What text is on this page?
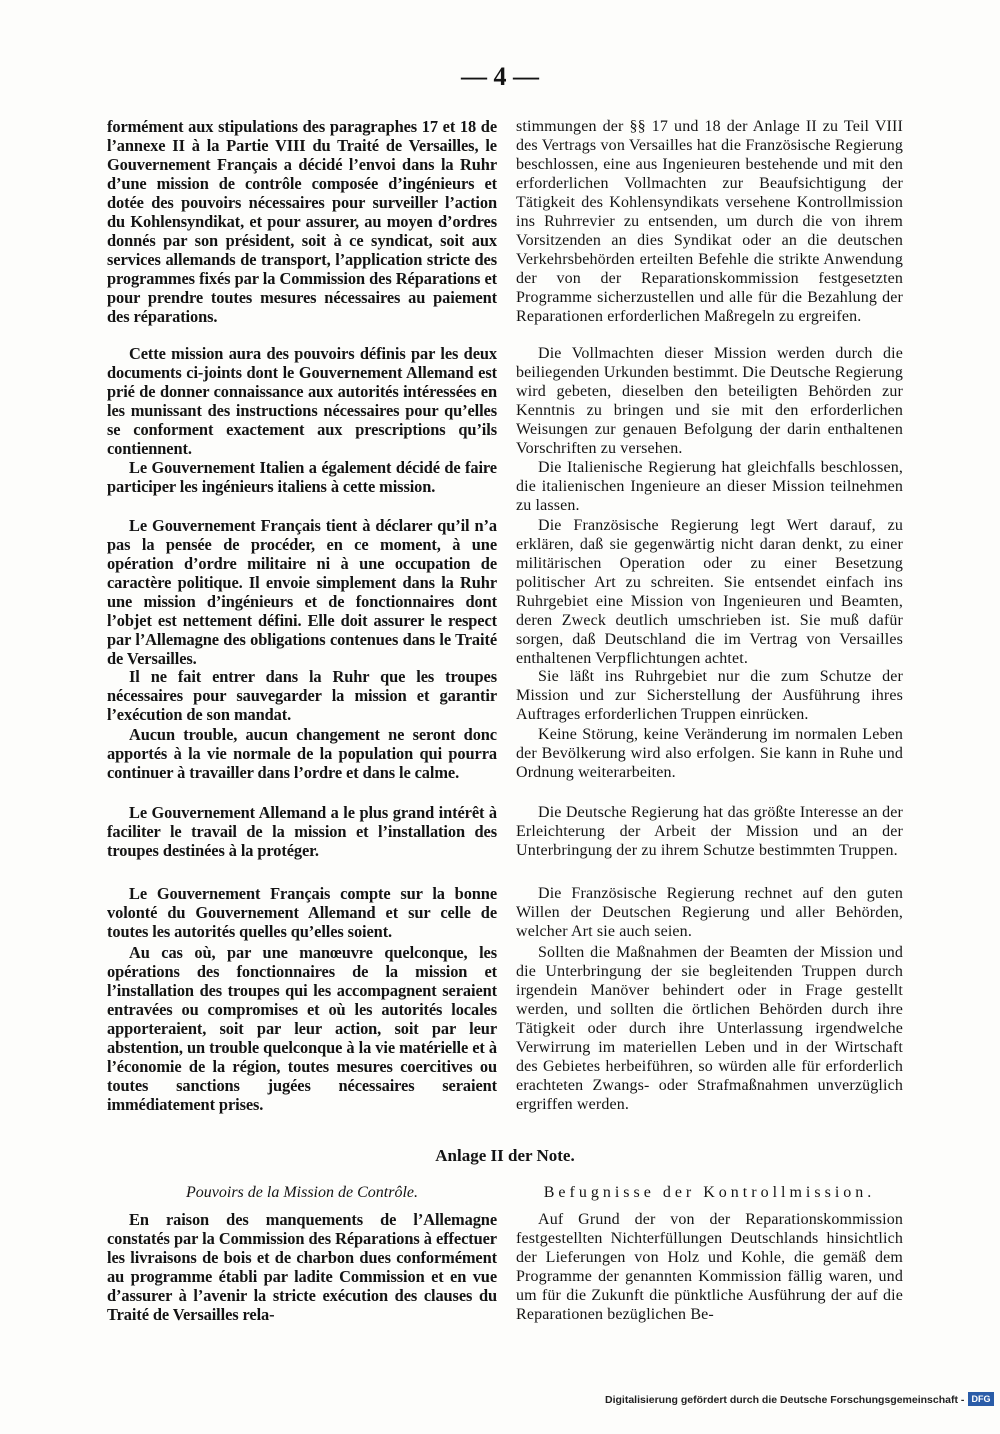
— 4 —

formément aux stipulations des paragraphes 17 et 18 de l’annexe II à la Partie VIII du Traité de Versailles, le Gouvernement Français a décidé l’envoi dans la Ruhr d’une mission de contrôle composée d’ingénieurs et dotée des pouvoirs nécessaires pour surveiller l’action du Kohlensyndikat, et pour assurer, au moyen d’ordres donnés par son président, soit à ce syndicat, soit aux services allemands de transport, l’application stricte des programmes fixés par la Commission des Réparations et pour prendre toutes mesures nécessaires au paiement des réparations.

Cette mission aura des pouvoirs définis par les deux documents ci-joints dont le Gouvernement Allemand est prié de donner connaissance aux autorités intéressées en les munissant des instructions nécessaires pour qu’elles se conforment exactement aux prescriptions qu’ils contiennent.

Le Gouvernement Italien a également décidé de faire participer les ingénieurs italiens à cette mission.

Le Gouvernement Français tient à déclarer qu’il n’a pas la pensée de procéder, en ce moment, à une opération d’ordre militaire ni à une occupation de caractère politique. Il envoie simplement dans la Ruhr une mission d’ingénieurs et de fonctionnaires dont l’objet est nettement défini. Elle doit assurer le respect par l’Allemagne des obligations contenues dans le Traité de Versailles.

Il ne fait entrer dans la Ruhr que les troupes nécessaires pour sauvegarder la mission et garantir l’exécution de son mandat.

Aucun trouble, aucun changement ne seront donc apportés à la vie normale de la population qui pourra continuer à travailler dans l’ordre et dans le calme.

Le Gouvernement Allemand a le plus grand intérêt à faciliter le travail de la mission et l’installation des troupes destinées à la protéger.

Le Gouvernement Français compte sur la bonne volonté du Gouvernement Allemand et sur celle de toutes les autorités quelles qu’elles soient.

Au cas où, par une manœuvre quelconque, les opérations des fonctionnaires de la mission et l’installation des troupes qui les accompagnent seraient entravées ou compromises et où les autorités locales apporteraient, soit par leur action, soit par leur abstention, un trouble quelconque à la vie matérielle et à l’économie de la région, toutes mesures coercitives ou toutes sanctions jugées nécessaires seraient immédiatement prises.

stimmungen der §§ 17 und 18 der Anlage II zu Teil VIII des Vertrags von Versailles hat die Französische Regierung beschlossen, eine aus Ingenieuren bestehende und mit den erforderlichen Vollmachten zur Beaufsichtigung der Tätigkeit des Kohlensyndikats versehene Kontrollmission ins Ruhrrevier zu entsenden, um durch die von ihrem Vorsitzenden an dies Syndikat oder an die deutschen Verkehrsbehörden erteilten Befehle die strikte Anwendung der von der Reparationskommission festgesetzten Programme sicherzustellen und alle für die Bezahlung der Reparationen erforderlichen Maßregeln zu ergreifen.

Die Vollmachten dieser Mission werden durch die beiliegenden Urkunden bestimmt. Die Deutsche Regierung wird gebeten, dieselben den beteiligten Behörden zur Kenntnis zu bringen und sie mit den erforderlichen Weisungen zur genauen Befolgung der darin enthaltenen Vorschriften zu versehen.

Die Italienische Regierung hat gleichfalls beschlossen, die italienischen Ingenieure an dieser Mission teilnehmen zu lassen.

Die Französische Regierung legt Wert darauf, zu erklären, daß sie gegenwärtig nicht daran denkt, zu einer militärischen Operation oder zu einer Besetzung politischer Art zu schreiten. Sie entsendet einfach ins Ruhrgebiet eine Mission von Ingenieuren und Beamten, deren Zweck deutlich umschrieben ist. Sie muß dafür sorgen, daß Deutschland die im Vertrag von Versailles enthaltenen Verpflichtungen achtet.

Sie läßt ins Ruhrgebiet nur die zum Schutze der Mission und zur Sicherstellung der Ausführung ihres Auftrages erforderlichen Truppen einrücken.

Keine Störung, keine Veränderung im normalen Leben der Bevölkerung wird also erfolgen. Sie kann in Ruhe und Ordnung weiterarbeiten.

Die Deutsche Regierung hat das größte Interesse an der Erleichterung der Arbeit der Mission und an der Unterbringung der zu ihrem Schutze bestimmten Truppen.

Die Französische Regierung rechnet auf den guten Willen der Deutschen Regierung und aller Behörden, welcher Art sie auch seien.

Sollten die Maßnahmen der Beamten der Mission und die Unterbringung der sie begleitenden Truppen durch irgendein Manöver behindert oder in Frage gestellt werden, und sollten die örtlichen Behörden durch ihre Tätigkeit oder durch ihre Unterlassung irgendwelche Verwirrung im materiellen Leben und in der Wirtschaft des Gebietes herbeiführen, so würden alle für erforderlich erachteten Zwangs- oder Strafmaßnahmen unverzüglich ergriffen werden.

Anlage II der Note.
Pouvoirs de la Mission de Contrôle.	Befugnisse der Kontrollmission.

En raison des manquements de l’Allemagne constatés par la Commission des Réparations à effectuer les livraisons de bois et de charbon dues conformément au programme établi par ladite Commission et en vue d’assurer à l’avenir la stricte exécution des clauses du Traité de Versailles rela-

Auf Grund der von der Reparationskommission festgestellten Nichterfüllungen Deutschlands hinsichtlich der Lieferungen von Holz und Kohle, die gemäß dem Programme der genannten Kommission fällig waren, und um für die Zukunft die pünktliche Ausführung der auf die Reparationen bezüglichen Be-

Digitalisierung gefördert durch die Deutsche Forschungsgemeinschaft - DFG
